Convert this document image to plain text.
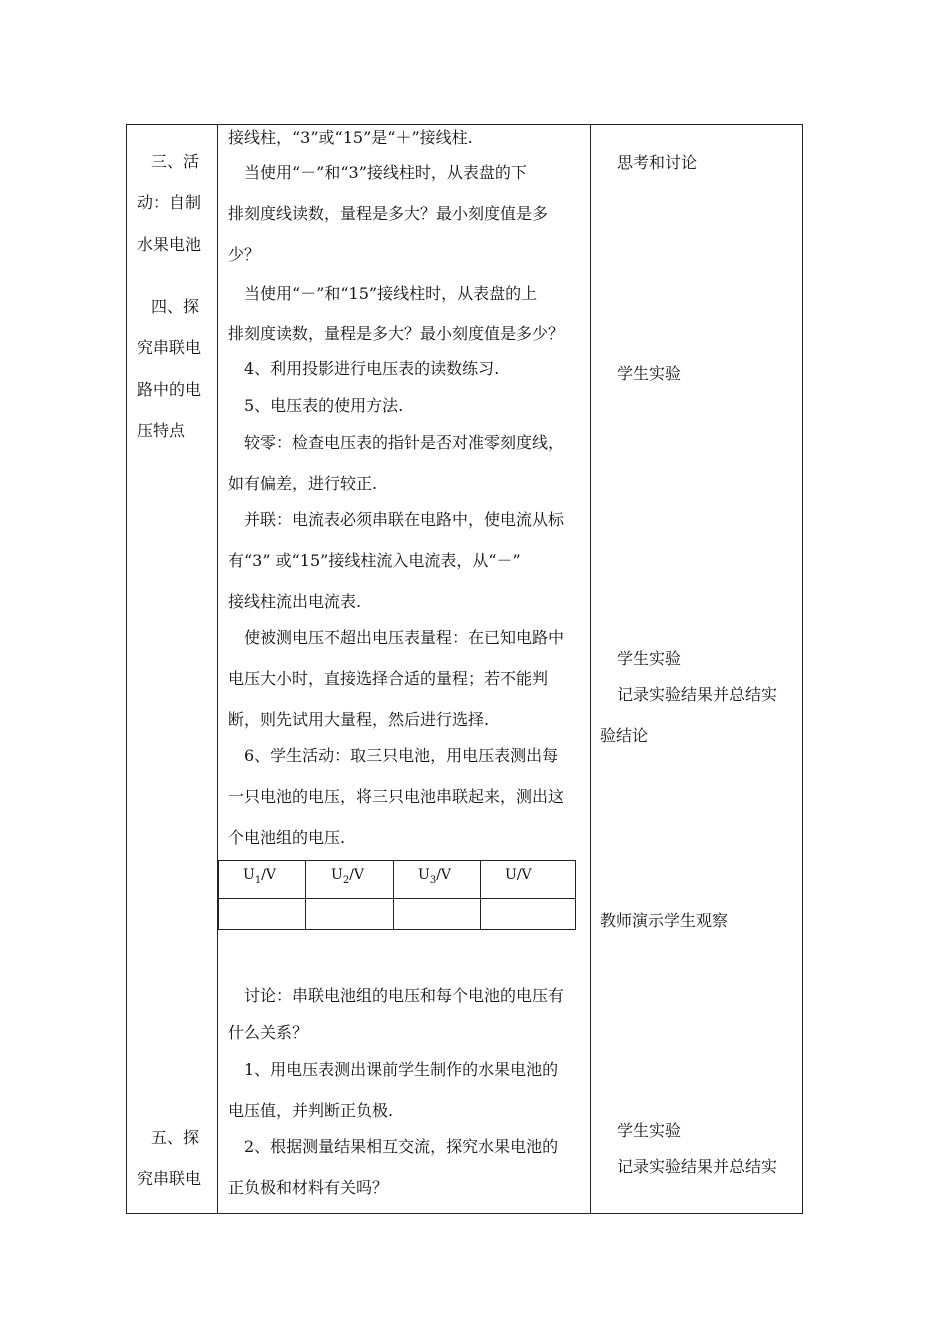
三、活
动：自制
水果电池
四、探
究串联电
路中的电
压特点
五、探
究串联电
接线柱，“3”或“15”是“＋”接线柱.
当使用“－”和“3”接线柱时，从表盘的下
排刻度线读数，量程是多大？最小刻度值是多
少？
当使用“－”和“15”接线柱时，从表盘的上
排刻度读数，量程是多大？最小刻度值是多少？
4、利用投影进行电压表的读数练习.
5、电压表的使用方法.
较零：检查电压表的指针是否对准零刻度线，
如有偏差，进行较正.
并联：电流表必须串联在电路中，使电流从标
有“3” 或“15”接线柱流入电流表，从“－”
接线柱流出电流表.
使被测电压不超出电压表量程：在已知电路中
电压大小时，直接选择合适的量程；若不能判
断，则先试用大量程，然后进行选择.
6、学生活动：取三只电池，用电压表测出每
一只电池的电压，将三只电池串联起来，测出这
个电池组的电压.
$U_1/V$	$U_2/V$	$U_3/V$	U/V
讨论：串联电池组的电压和每个电池的电压有
什么关系？
1、用电压表测出课前学生制作的水果电池的
电压值，并判断正负极.
2、根据测量结果相互交流，探究水果电池的
正负极和材料有关吗？
思考和讨论
学生实验
学生实验
记录实验结果并总结实
验结论
教师演示学生观察
学生实验
记录实验结果并总结实
